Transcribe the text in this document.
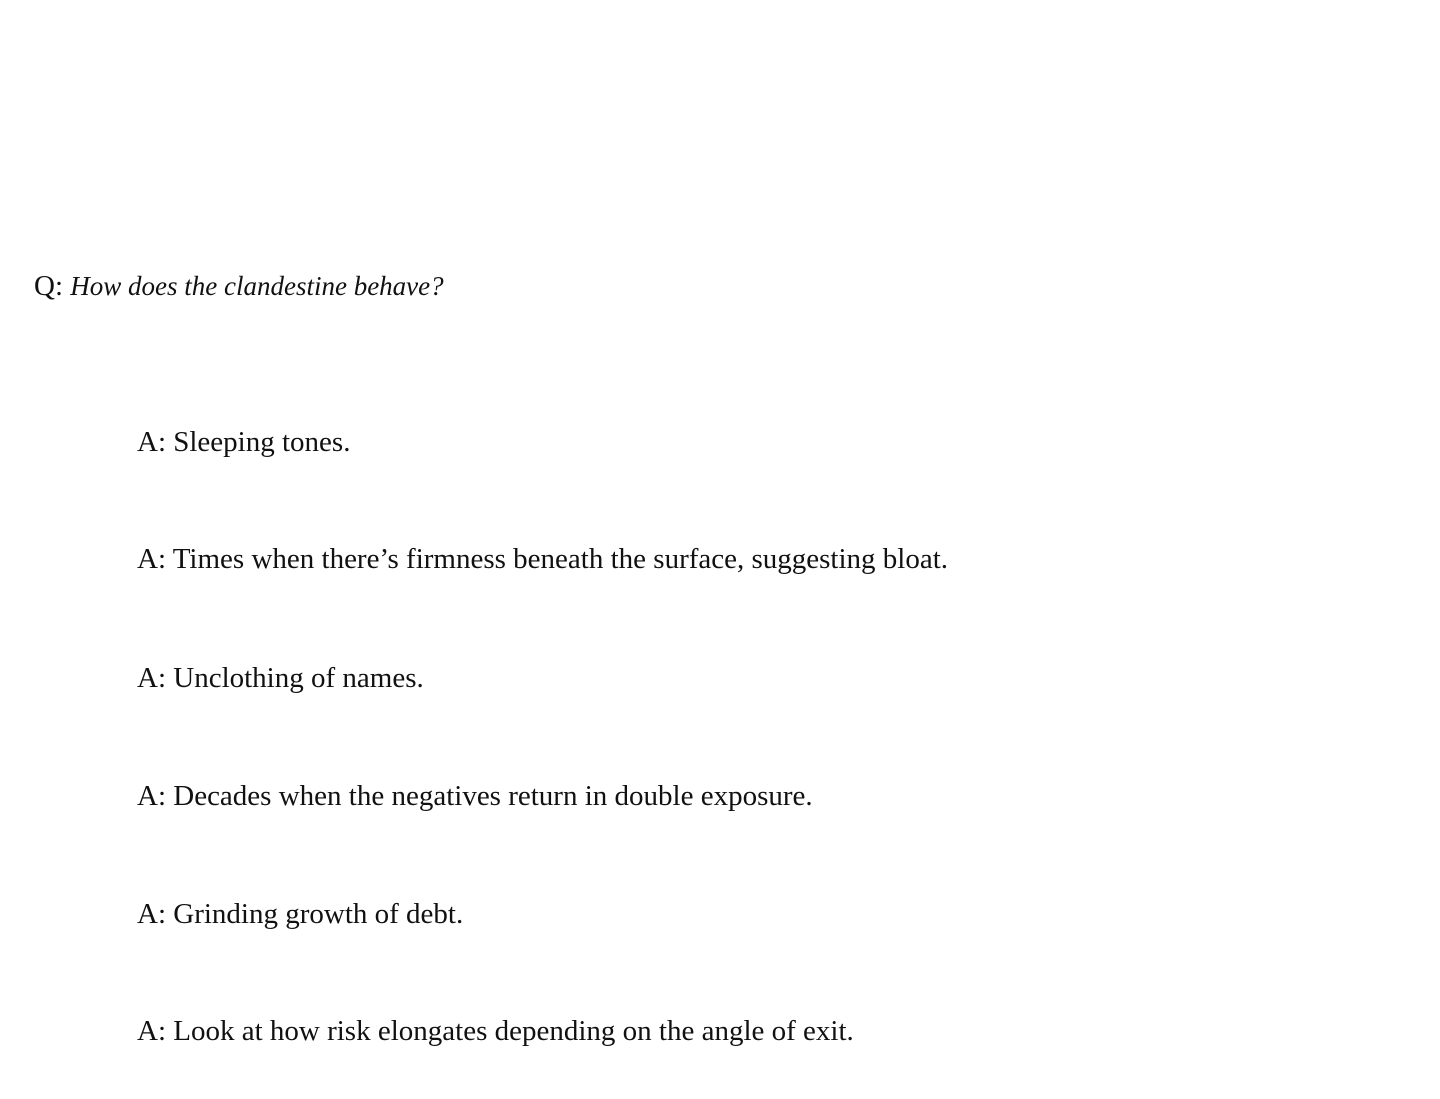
Q: How does the clandestine behave?
A: Sleeping tones.
A: Times when there’s firmness beneath the surface, suggesting bloat.
A: Unclothing of names.
A: Decades when the negatives return in double exposure.
A: Grinding growth of debt.
A: Look at how risk elongates depending on the angle of exit.
